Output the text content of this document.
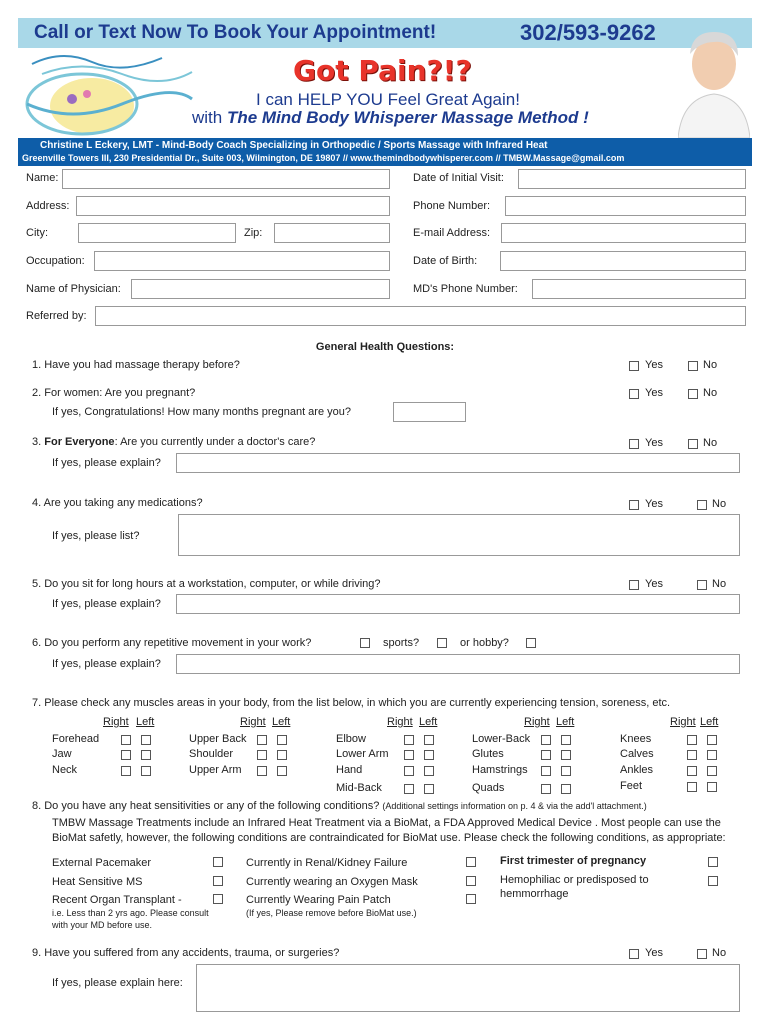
Call or Text Now To Book Your Appointment!	302/593-9262
Got Pain?!?
I can HELP YOU Feel Great Again!
with The Mind Body Whisperer Massage Method !
Christine L Eckery, LMT - Mind-Body Coach Specializing in Orthopedic / Sports Massage with Infrared Heat
Greenville Towers III, 230 Presidential Dr., Suite 003, Wilmington, DE 19807 // www.themindbodywhisperer.com // TMBW.Massage@gmail.com
Name:	Date of Initial Visit:
Address:	Phone Number:
City:	Zip:	E-mail Address:
Occupation:	Date of Birth:
Name of Physician:	MD's Phone Number:
Referred by:
General Health Questions:
1. Have you had massage therapy before?	Yes	No
2. For women: Are you pregnant?	Yes	No
If yes, Congratulations! How many months pregnant are you?
3. For Everyone: Are you currently under a doctor's care?	Yes	No
If yes, please explain?
4. Are you taking any medications?	Yes	No
If yes, please list?
5. Do you sit for long hours at a workstation, computer, or while driving?	Yes	No
If yes, please explain?
6. Do you perform any repetitive movement in your work?	sports?	or hobby?
If yes, please explain?
7. Please check any muscles areas in your body, from the list below, in which you are currently experiencing tension, soreness, etc.
Right Left
Forehead
Jaw
Neck
Right Left
Upper Back
Shoulder
Upper Arm
Right Left
Elbow
Lower Arm
Hand
Mid-Back
Right Left
Lower-Back
Glutes
Hamstrings
Quads
Right Left
Knees
Calves
Ankles
Feet
8. Do you have any heat sensitivities or any of the following conditions? (Additional settings information on p. 4 & via the add'l attachment.)
TMBW Massage Treatments include an Infrared Heat Treatment via a BioMat, a FDA Approved Medical Device . Most people can use the
BioMat safetly, however, the following conditions are contraindicated for BioMat use. Please check the following conditions, as appropriate:
External Pacemaker
Heat Sensitive MS
Recent Organ Transplant -
i.e. Less than 2 yrs ago. Please consult
with your MD before use.
Currently in Renal/Kidney Failure
Currently wearing an Oxygen Mask
Currently Wearing Pain Patch
(If yes, Please remove before BioMat use.)
First trimester of pregnancy
Hemophiliac or predisposed to
hemmorrhage
9. Have you suffered from any accidents, trauma, or surgeries?	Yes	No
If yes, please explain here:
